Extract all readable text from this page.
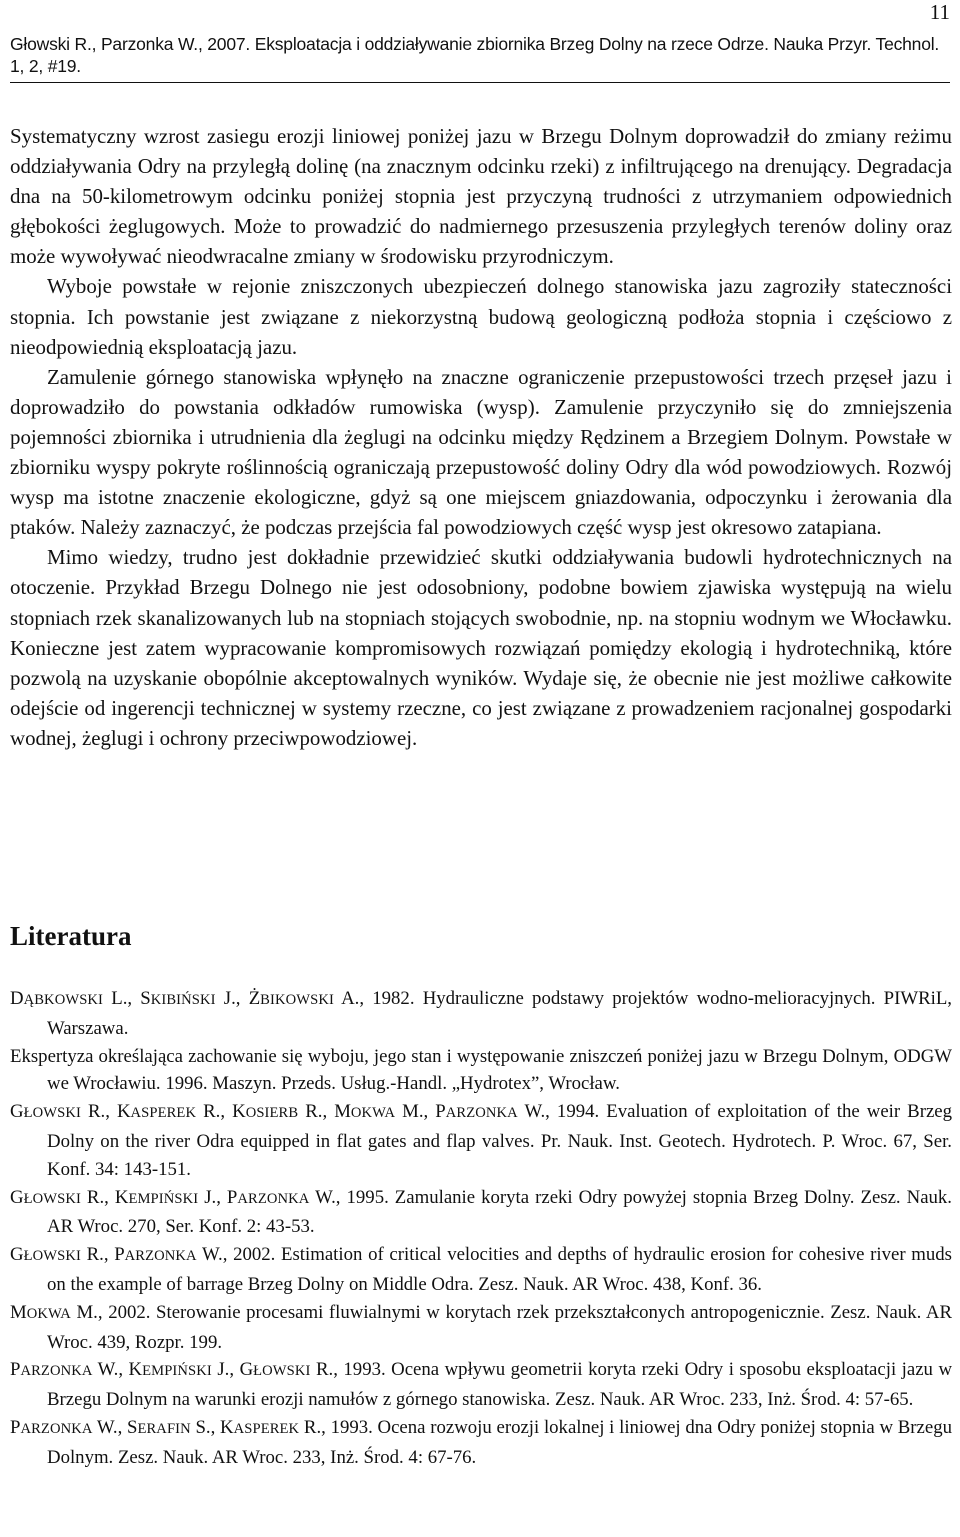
11
Głowski R., Parzonka W., 2007. Eksploatacja i oddziaływanie zbiornika Brzeg Dolny na rzece Odrze. Nauka Przyr. Technol. 1, 2, #19.

Systematyczny wzrost zasiegu erozji liniowej poniżej jazu w Brzegu Dolnym doprowadził do zmiany reżimu oddziaływania Odry na przyległą dolinę (na znacznym odcinku rzeki) z infiltrującego na drenujący. Degradacja dna na 50-kilometrowym odcinku poniżej stopnia jest przyczyną trudności z utrzymaniem odpowiednich głębokości żeglugowych. Może to prowadzić do nadmiernego przesuszenia przyległych terenów doliny oraz może wywoływać nieodwracalne zmiany w środowisku przyrodniczym.

Wyboje powstałe w rejonie zniszczonych ubezpieczeń dolnego stanowiska jazu zagroziły stateczności stopnia. Ich powstanie jest związane z niekorzystną budową geologiczną podłoża stopnia i częściowo z nieodpowiednią eksploatacją jazu.

Zamulenie górnego stanowiska wpłynęło na znaczne ograniczenie przepustowości trzech przęseł jazu i doprowadziło do powstania odkładów rumowiska (wysp). Zamulenie przyczyniło się do zmniejszenia pojemności zbiornika i utrudnienia dla żeglugi na odcinku między Rędzinem a Brzegiem Dolnym. Powstałe w zbiorniku wyspy pokryte roślinnością ograniczają przepustowość doliny Odry dla wód powodziowych. Rozwój wysp ma istotne znaczenie ekologiczne, gdyż są one miejscem gniazdowania, odpoczynku i żerowania dla ptaków. Należy zaznaczyć, że podczas przejścia fal powodziowych część wysp jest okresowo zatapiana.

Mimo wiedzy, trudno jest dokładnie przewidzieć skutki oddziaływania budowli hydrotechnicznych na otoczenie. Przykład Brzegu Dolnego nie jest odosobniony, podobne bowiem zjawiska występują na wielu stopniach rzek skanalizowanych lub na stopniach stojących swobodnie, np. na stopniu wodnym we Włocławku. Konieczne jest zatem wypracowanie kompromisowych rozwiązań pomiędzy ekologią i hydrotechniką, które pozwolą na uzyskanie obopólnie akceptowalnych wyników. Wydaje się, że obecnie nie jest możliwe całkowite odejście od ingerencji technicznej w systemy rzeczne, co jest związane z prowadzeniem racjonalnej gospodarki wodnej, żeglugi i ochrony przeciwpowodziowej.

Literatura
DĄBKOWSKI L., SKIBIŃSKI J., ŻBIKOWSKI A., 1982. Hydrauliczne podstawy projektów wodno-melioracyjnych. PIWRiL, Warszawa.
Ekspertyza określająca zachowanie się wyboju, jego stan i występowanie zniszczeń poniżej jazu w Brzegu Dolnym, ODGW we Wrocławiu. 1996. Maszyn. Przeds. Usług.-Handl. „Hydrotex”, Wrocław.
GŁOWSKI R., KASPEREK R., KOSIERB R., MOKWA M., PARZONKA W., 1994. Evaluation of exploitation of the weir Brzeg Dolny on the river Odra equipped in flat gates and flap valves. Pr. Nauk. Inst. Geotech. Hydrotech. P. Wroc. 67, Ser. Konf. 34: 143-151.
GŁOWSKI R., KEMPIŃSKI J., PARZONKA W., 1995. Zamulanie koryta rzeki Odry powyżej stopnia Brzeg Dolny. Zesz. Nauk. AR Wroc. 270, Ser. Konf. 2: 43-53.
GŁOWSKI R., PARZONKA W., 2002. Estimation of critical velocities and depths of hydraulic erosion for cohesive river muds on the example of barrage Brzeg Dolny on Middle Odra. Zesz. Nauk. AR Wroc. 438, Konf. 36.
MOKWA M., 2002. Sterowanie procesami fluwialnymi w korytach rzek przekształconych antropogenicznie. Zesz. Nauk. AR Wroc. 439, Rozpr. 199.
PARZONKA W., KEMPIŃSKI J., GŁOWSKI R., 1993. Ocena wpływu geometrii koryta rzeki Odry i sposobu eksploatacji jazu w Brzegu Dolnym na warunki erozji namułów z górnego stanowiska. Zesz. Nauk. AR Wroc. 233, Inż. Środ. 4: 57-65.
PARZONKA W., SERAFIN S., KASPEREK R., 1993. Ocena rozwoju erozji lokalnej i liniowej dna Odry poniżej stopnia w Brzegu Dolnym. Zesz. Nauk. AR Wroc. 233, Inż. Środ. 4: 67-76.
